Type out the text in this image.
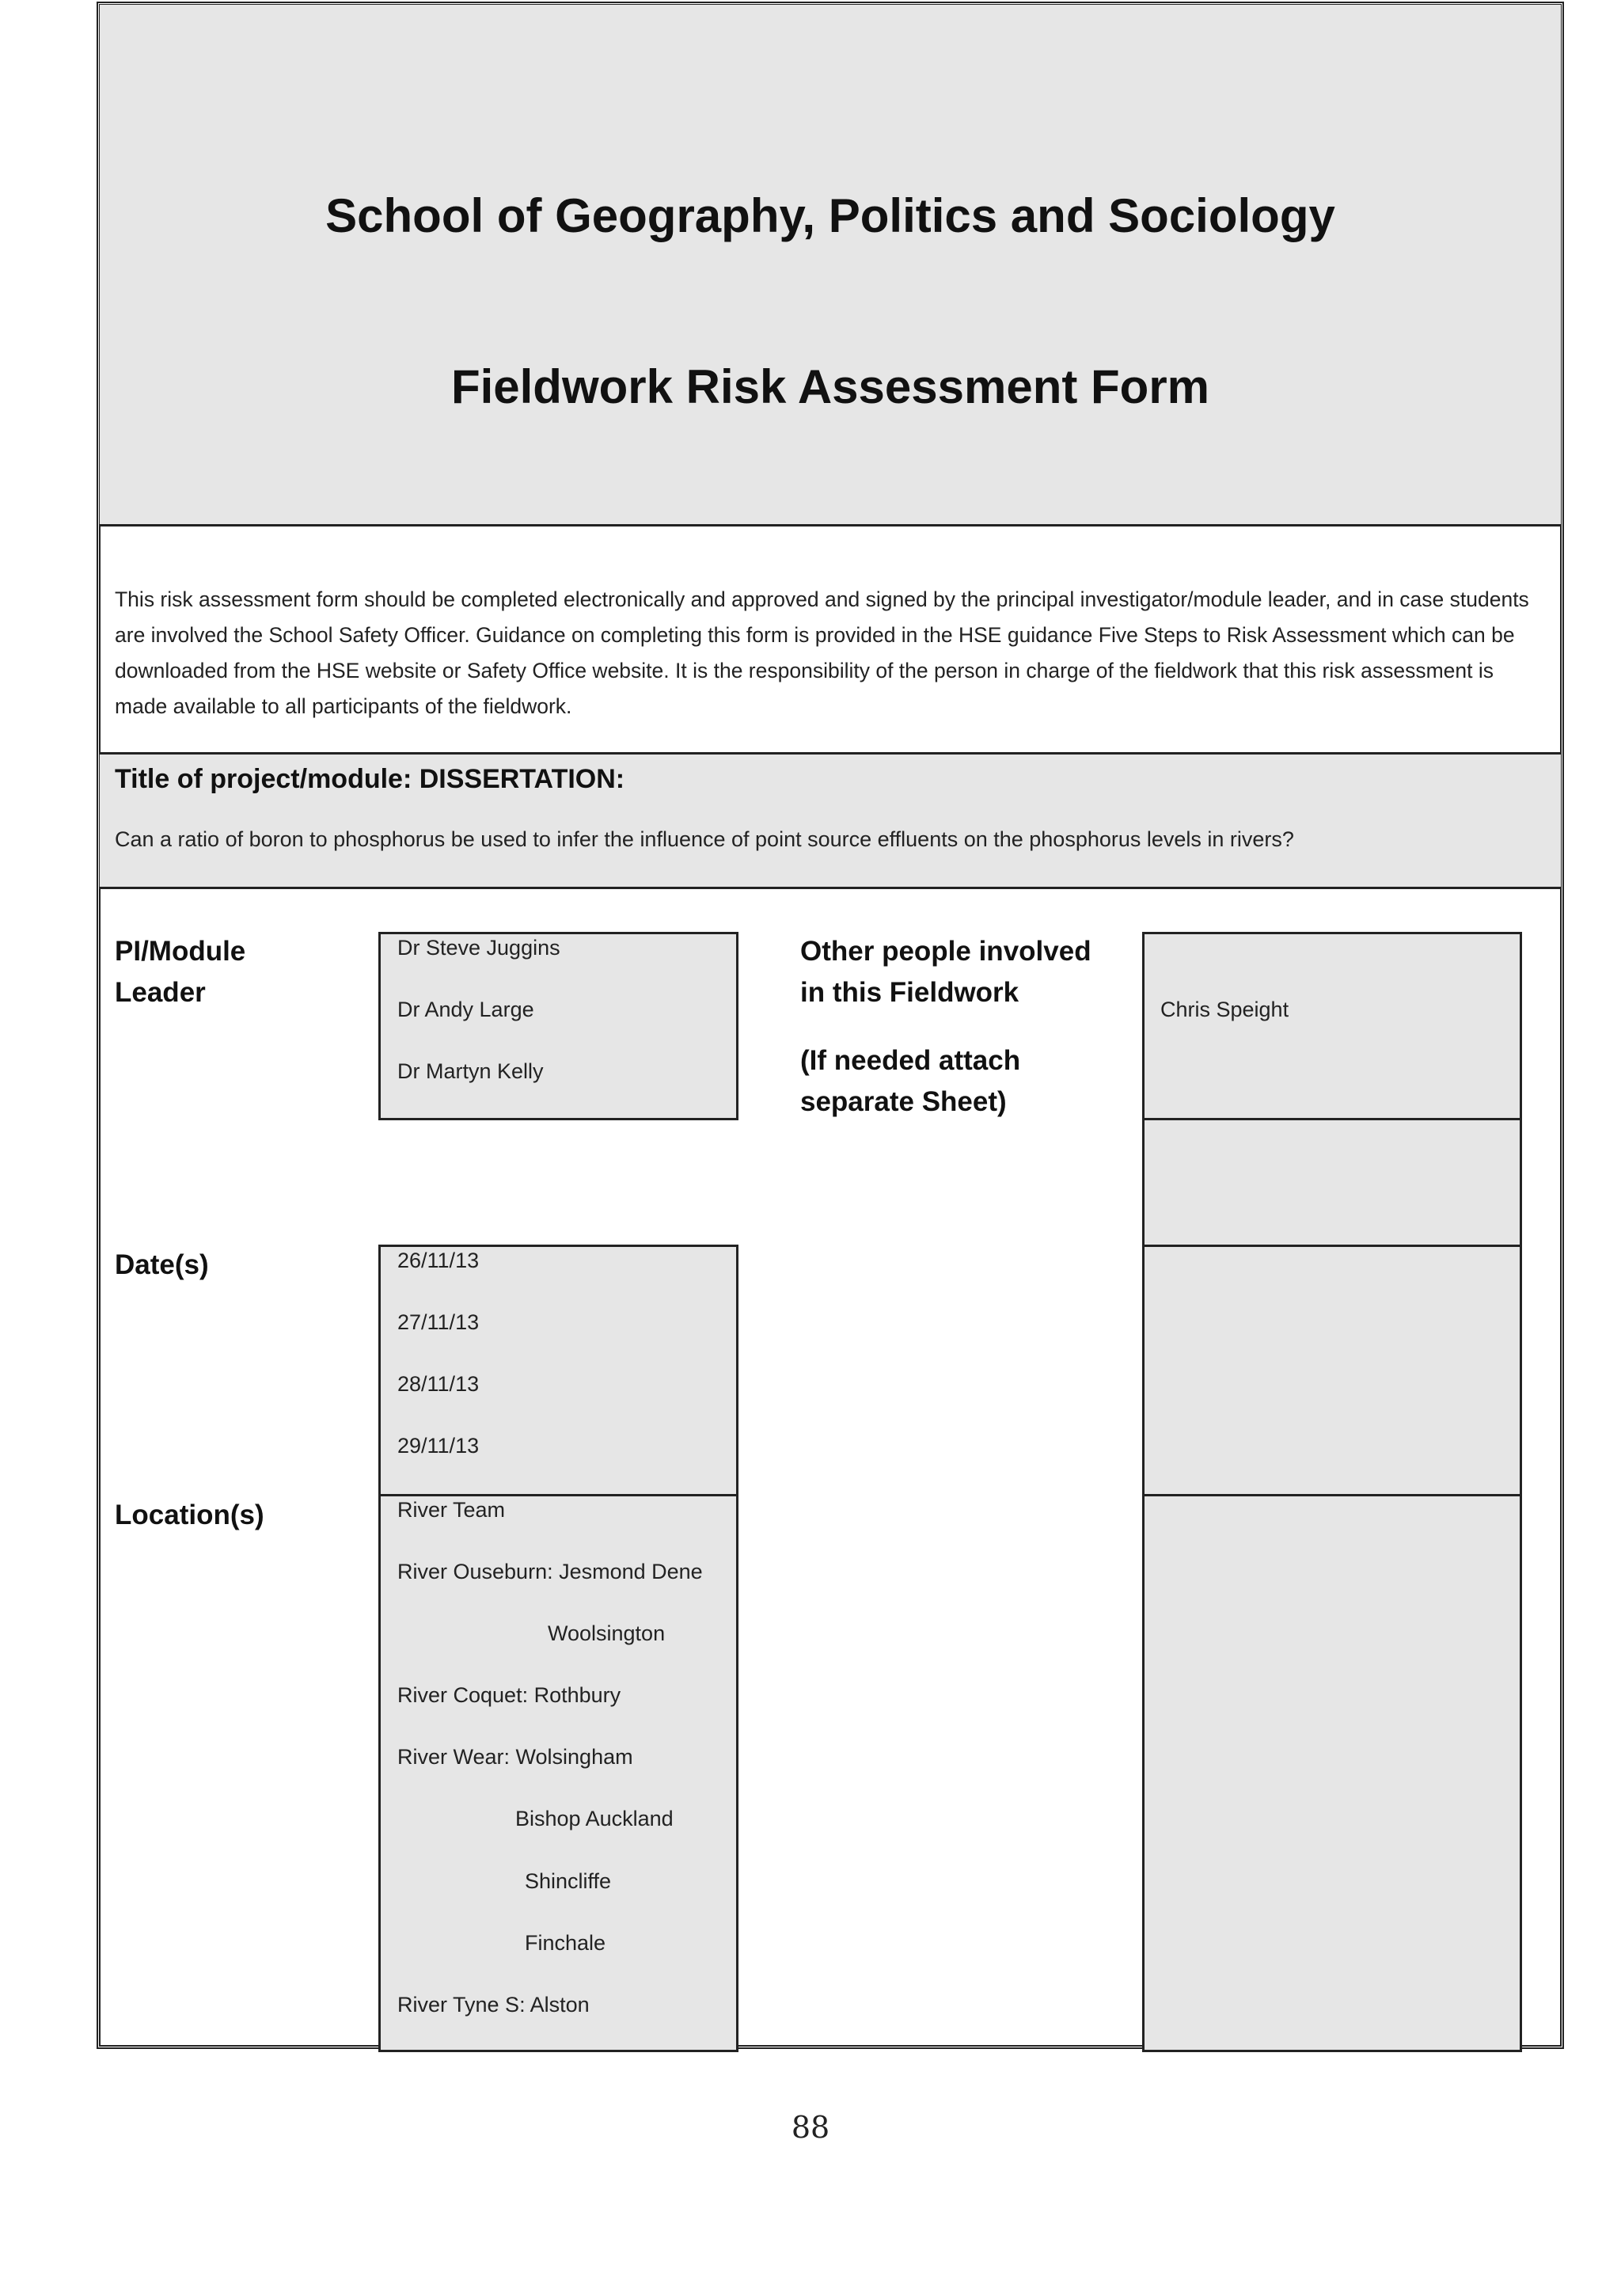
School of Geography, Politics and Sociology
Fieldwork Risk Assessment Form
This risk assessment form should be completed electronically and approved and signed by the principal investigator/module leader, and in case students are involved the School Safety Officer. Guidance on completing this form is provided in the HSE guidance Five Steps to Risk Assessment which can be downloaded from the HSE website or Safety Office website. It is the responsibility of the person in charge of the fieldwork that this risk assessment is made available to all participants of the fieldwork.
Title of project/module: DISSERTATION:
Can a ratio of boron to phosphorus be used to infer the influence of point source effluents on the phosphorus levels in rivers?
PI/Module
Leader
Dr Steve Juggins
Dr Andy Large
Dr Martyn Kelly
Other people involved
in this Fieldwork
(If needed attach
separate Sheet)
Chris Speight
Date(s)	26/11/13
27/11/13
28/11/13
29/11/13
Location(s)	River Team
River Ouseburn: Jesmond Dene
Woolsington
River Coquet: Rothbury
River Wear: Wolsingham
Bishop Auckland
Shincliffe
Finchale
River Tyne S: Alston
88
